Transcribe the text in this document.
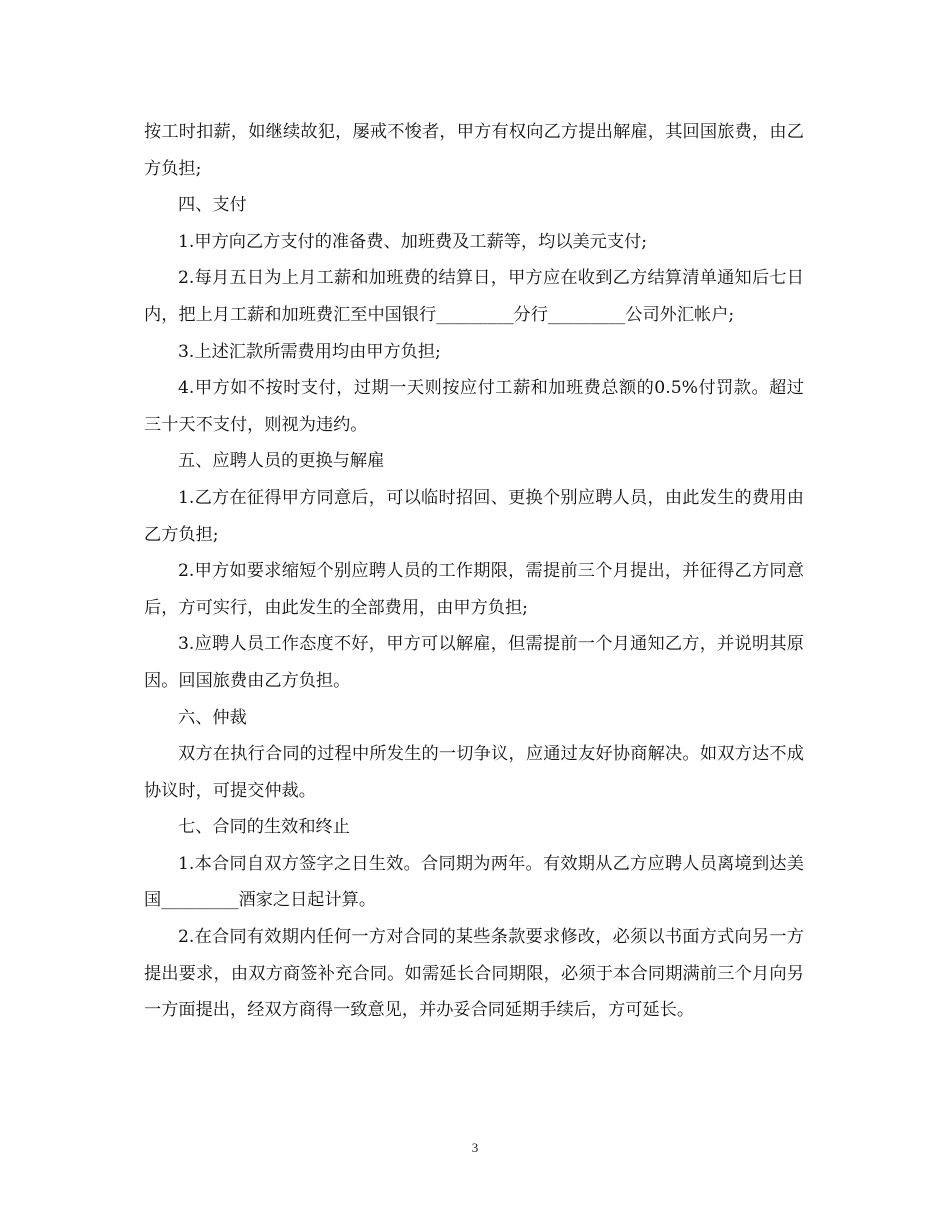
按工时扣薪，如继续故犯，屡戒不悛者，甲方有权向乙方提出解雇，其回国旅费，由乙方负担;

四、支付

1.甲方向乙方支付的准备费、加班费及工薪等，均以美元支付;

2.每月五日为上月工薪和加班费的结算日，甲方应在收到乙方结算清单通知后七日内，把上月工薪和加班费汇至中国银行_________分行_________公司外汇帐户;

3.上述汇款所需费用均由甲方负担;

4.甲方如不按时支付，过期一天则按应付工薪和加班费总额的0.5%付罚款。超过三十天不支付，则视为违约。

五、应聘人员的更换与解雇

1.乙方在征得甲方同意后，可以临时招回、更换个别应聘人员，由此发生的费用由乙方负担;

2.甲方如要求缩短个别应聘人员的工作期限，需提前三个月提出，并征得乙方同意后，方可实行，由此发生的全部费用，由甲方负担;

3.应聘人员工作态度不好，甲方可以解雇，但需提前一个月通知乙方，并说明其原因。回国旅费由乙方负担。

六、仲裁

双方在执行合同的过程中所发生的一切争议，应通过友好协商解决。如双方达不成协议时，可提交仲裁。

七、合同的生效和终止

1.本合同自双方签字之日生效。合同期为两年。有效期从乙方应聘人员离境到达美国_________酒家之日起计算。

2.在合同有效期内任何一方对合同的某些条款要求修改，必须以书面方式向另一方提出要求，由双方商签补充合同。如需延长合同期限，必须于本合同期满前三个月向另一方面提出，经双方商得一致意见，并办妥合同延期手续后，方可延长。

3
